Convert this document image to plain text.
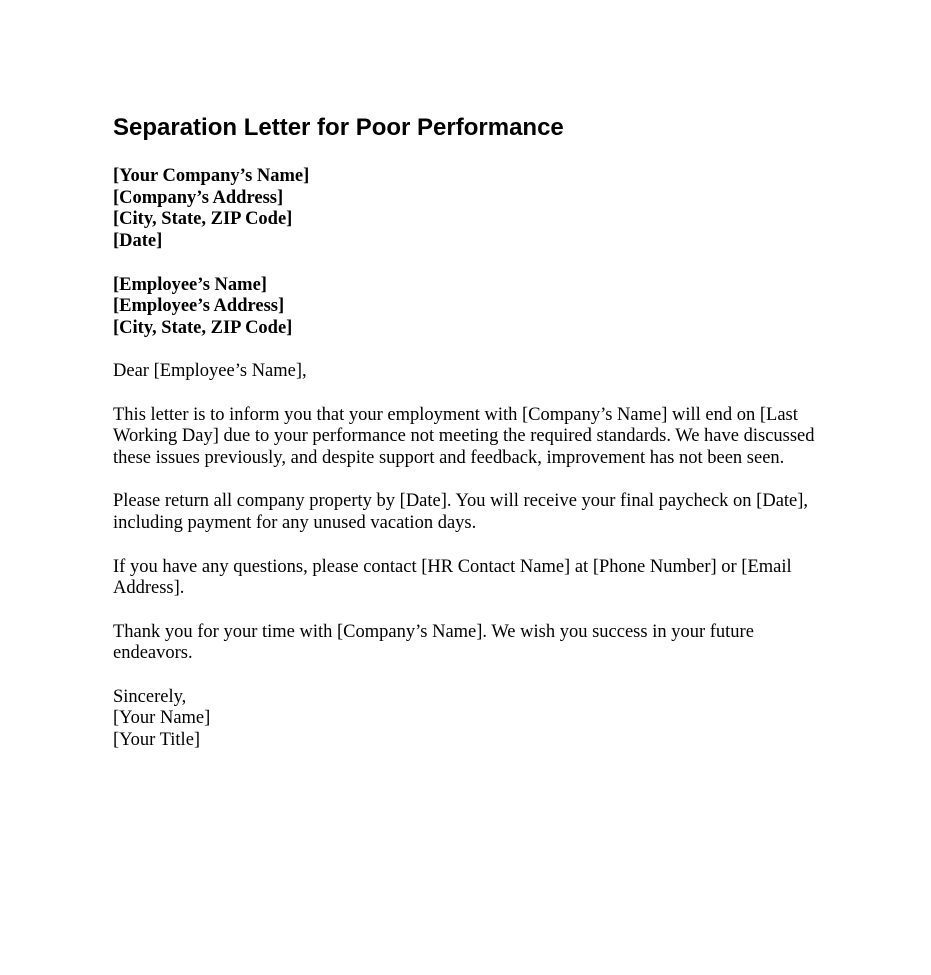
Separation Letter for Poor Performance
[Your Company’s Name]
[Company’s Address]
[City, State, ZIP Code]
[Date]
[Employee’s Name]
[Employee’s Address]
[City, State, ZIP Code]
Dear [Employee’s Name],

This letter is to inform you that your employment with [Company’s Name] will end on [Last Working Day] due to your performance not meeting the required standards. We have discussed these issues previously, and despite support and feedback, improvement has not been seen.

Please return all company property by [Date]. You will receive your final paycheck on [Date], including payment for any unused vacation days.

If you have any questions, please contact [HR Contact Name] at [Phone Number] or [Email Address].

Thank you for your time with [Company’s Name]. We wish you success in your future endeavors.

Sincerely,
[Your Name]
[Your Title]
